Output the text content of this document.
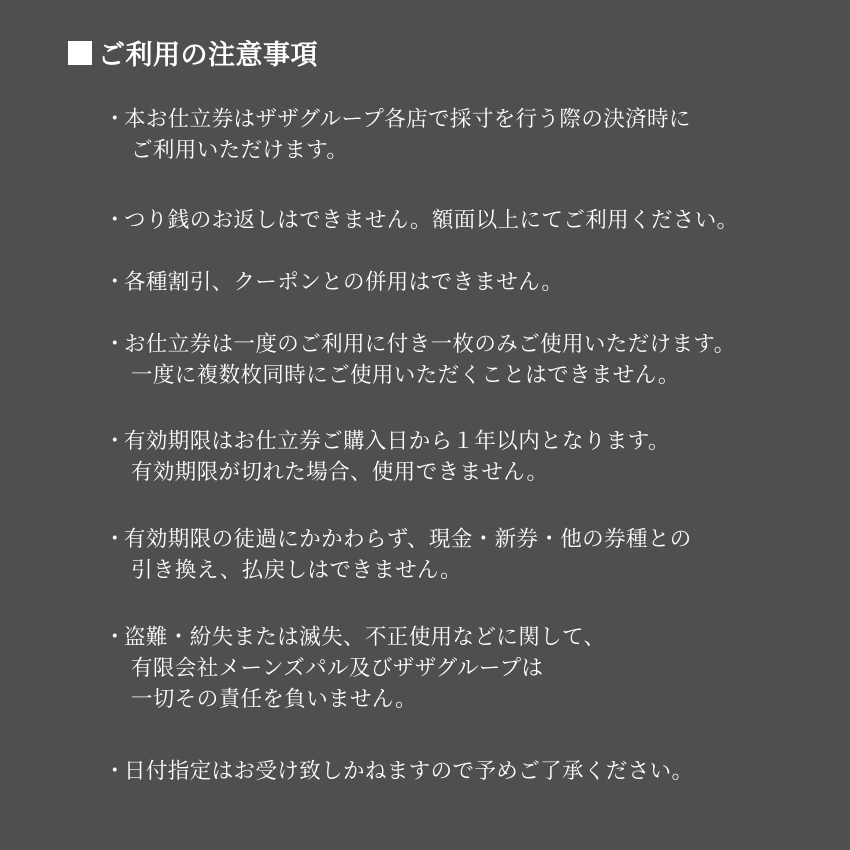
ご利用の注意事項
・本お仕立券はザザグループ各店で採寸を行う際の決済時に
ご利用いただけます。
・つり銭のお返しはできません。額面以上にてご利用ください。
・各種割引、クーポンとの併用はできません。
・お仕立券は一度のご利用に付き一枚のみご使用いただけます。
一度に複数枚同時にご使用いただくことはできません。
・有効期限はお仕立券ご購入日から１年以内となります。
有効期限が切れた場合、使用できません。
・有効期限の徒過にかかわらず、現金・新券・他の券種との
引き換え、払戻しはできません。
・盗難・紛失または滅失、不正使用などに関して、
有限会社メーンズパル及びザザグループは
一切その責任を負いません。
・日付指定はお受け致しかねますので予めご了承ください。
